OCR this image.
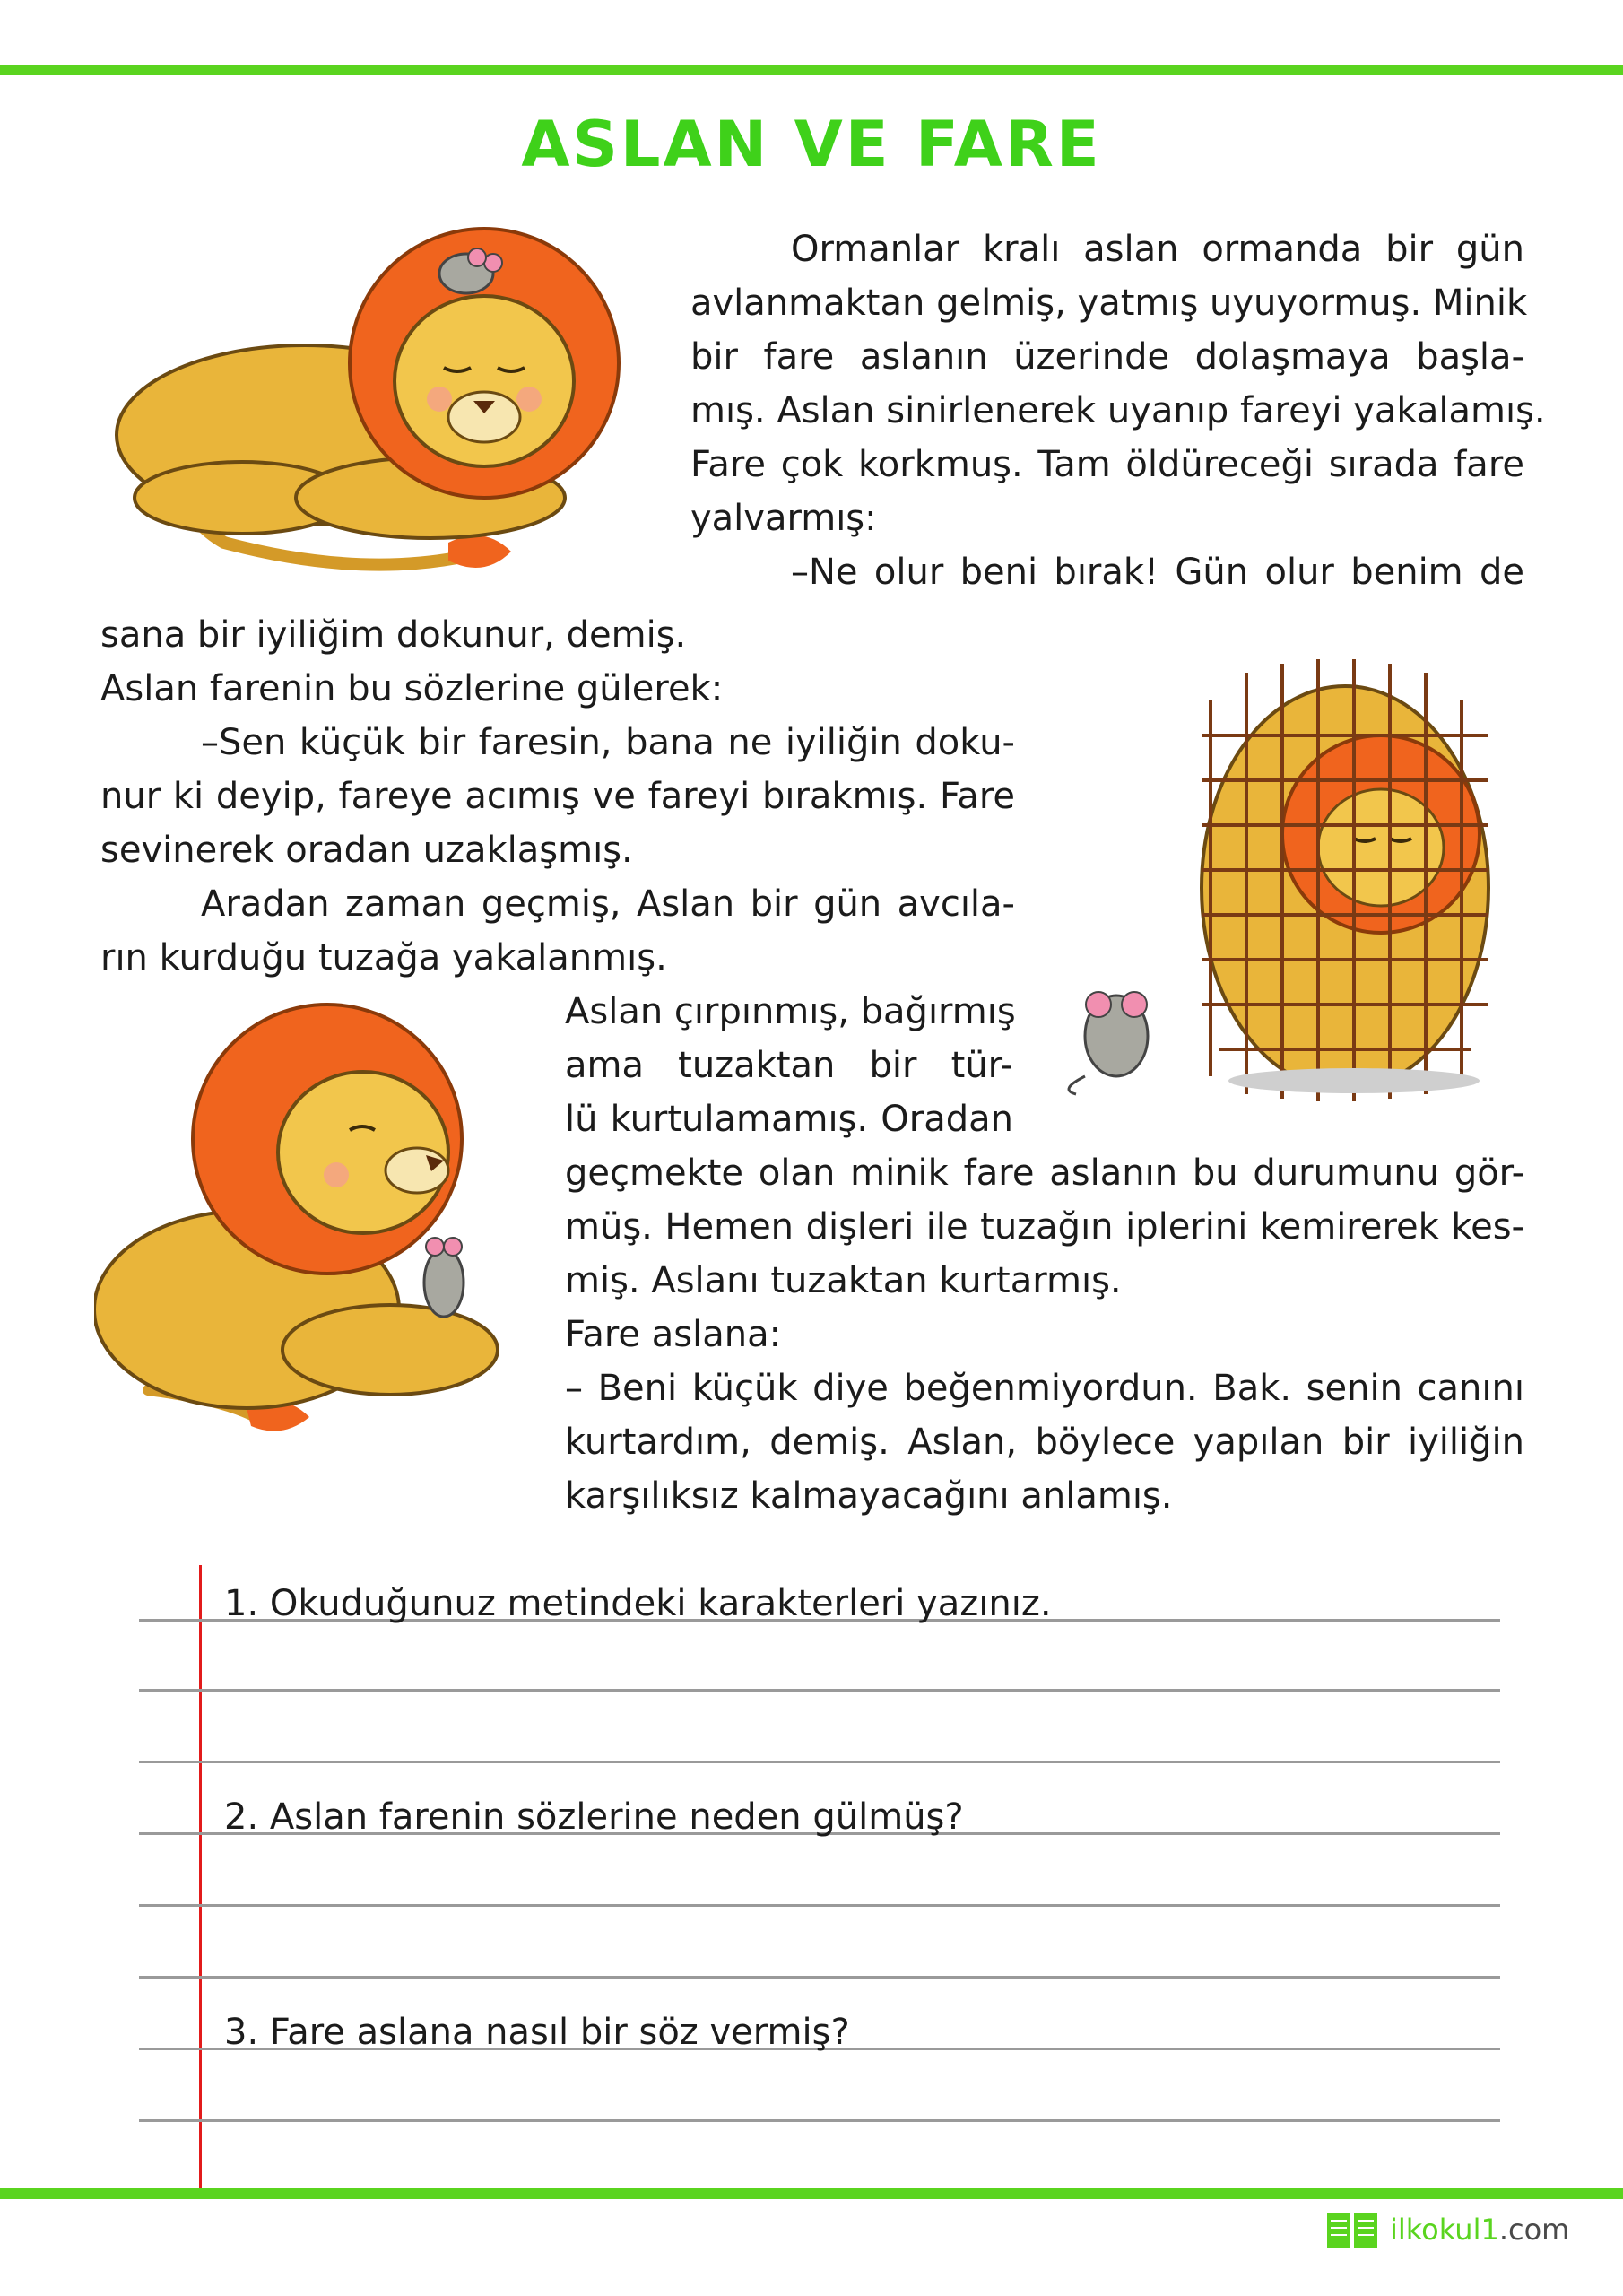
ASLAN VE FARE
Ormanlar kralı aslan ormanda bir gün
avlanmaktan gelmiş, yatmış uyuyormuş. Minik
bir fare aslanın üzerinde dolaşmaya başla-
mış. Aslan sinirlenerek uyanıp fareyi yakalamış.
Fare çok korkmuş. Tam öldüreceği sırada fare
yalvarmış:
–Ne olur beni bırak! Gün olur benim de
sana bir iyiliğim dokunur, demiş.
Aslan farenin bu sözlerine gülerek:
–Sen küçük bir faresin, bana ne iyiliğin doku-
nur ki deyip, fareye acımış ve fareyi bırakmış. Fare
sevinerek oradan uzaklaşmış.
Aradan zaman geçmiş, Aslan bir gün avcıla-
rın kurduğu tuzağa yakalanmış.
Aslan çırpınmış, bağırmış
ama tuzaktan bir tür-
lü kurtulamamış. Oradan
geçmekte olan minik fare aslanın bu durumunu gör-
müş. Hemen dişleri ile tuzağın iplerini kemirerek kes-
miş. Aslanı tuzaktan kurtarmış.
Fare aslana:
– Beni küçük diye beğenmiyordun. Bak. senin canını
kurtardım, demiş. Aslan, böylece yapılan bir iyiliğin
karşılıksız kalmayacağını anlamış.
1. Okuduğunuz metindeki karakterleri yazınız.
2. Aslan farenin sözlerine neden gülmüş?
3. Fare aslana nasıl bir söz vermiş?
ilkokul1.com
